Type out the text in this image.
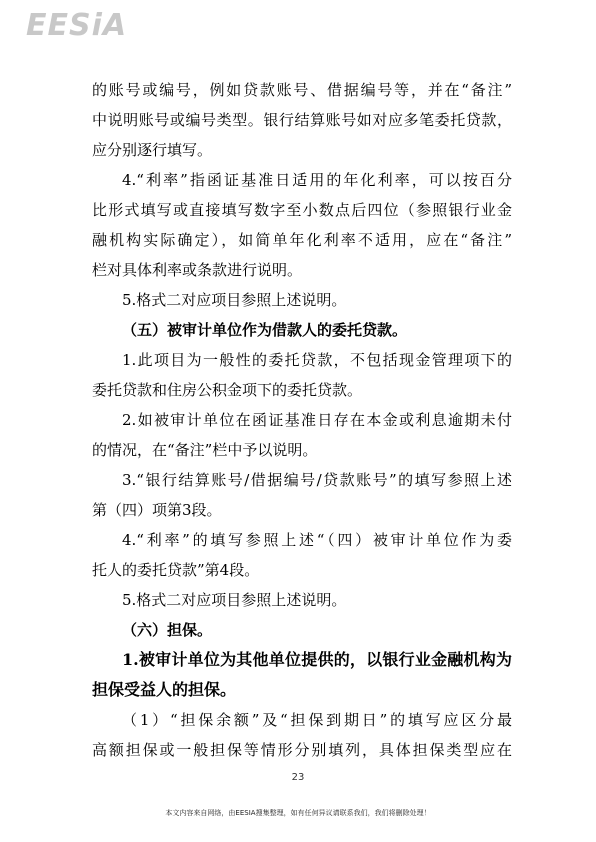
EESiA
的账号或编号，例如贷款账号、借据编号等，并在“备注”
中说明账号或编号类型。银行结算账号如对应多笔委托贷款，
应分别逐行填写。
4.“利率”指函证基准日适用的年化利率，可以按百分
比形式填写或直接填写数字至小数点后四位（参照银行业金
融机构实际确定），如简单年化利率不适用，应在“备注”
栏对具体利率或条款进行说明。
5.格式二对应项目参照上述说明。
（五）被审计单位作为借款人的委托贷款。
1.此项目为一般性的委托贷款，不包括现金管理项下的
委托贷款和住房公积金项下的委托贷款。
2.如被审计单位在函证基准日存在本金或利息逾期未付
的情况，在“备注”栏中予以说明。
3.“银行结算账号/借据编号/贷款账号”的填写参照上述
第（四）项第3段。
4.“利率”的填写参照上述“（四）被审计单位作为委
托人的委托贷款”第4段。
5.格式二对应项目参照上述说明。
（六）担保。
1.被审计单位为其他单位提供的，以银行业金融机构为
担保受益人的担保。
（1）“担保余额”及“担保到期日”的填写应区分最
高额担保或一般担保等情形分别填列，具体担保类型应在
23
本文内容来自网络，由EESIA搜集整理，如有任何异议请联系我们，我们将删除处理！
